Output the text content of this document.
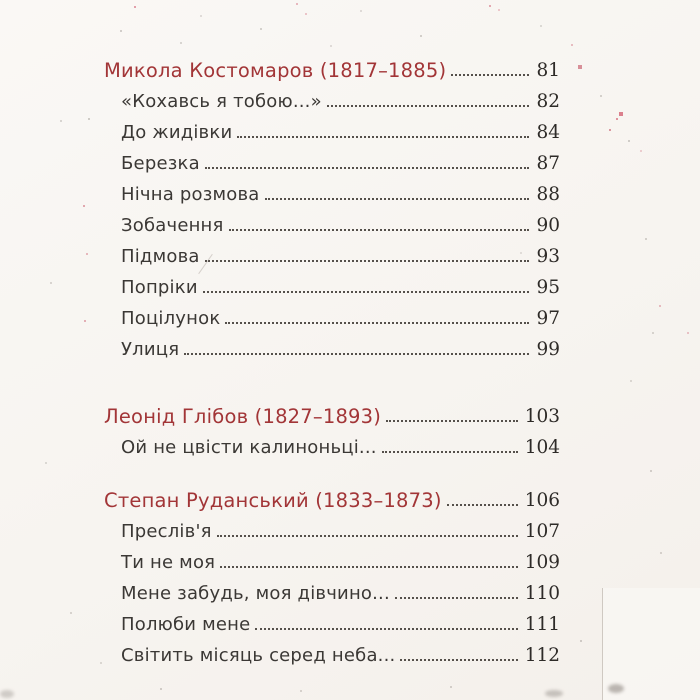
Микола Костомаров (1817–1885)	81
«Кохавсь я тобою...»	82
До жидівки	84
Березка	87
Нічна розмова	88
Зобачення	90
Підмова	93
Попріки	95
Поцілунок	97
Улиця	99
Леонід Глібов (1827–1893)	103
Ой не цвісти калиноньці...	104
Степан Руданський (1833–1873)	106
Преслів'я	107
Ти не моя	109
Мене забудь, моя дівчино...	110
Полюби мене	111
Світить місяць серед неба...	112
